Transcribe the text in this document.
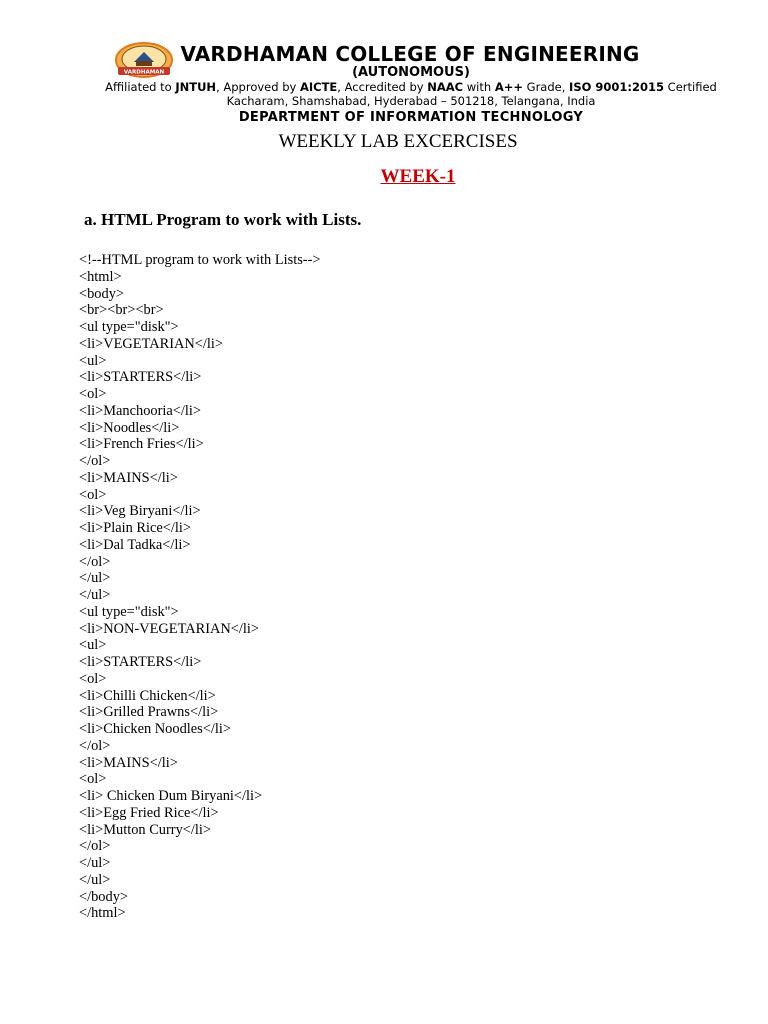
VARDHAMAN
VARDHAMAN COLLEGE OF ENGINEERING
(AUTONOMOUS)
Affiliated to JNTUH, Approved by AICTE, Accredited by NAAC with A++ Grade, ISO 9001:2015 Certified
Kacharam, Shamshabad, Hyderabad – 501218, Telangana, India
DEPARTMENT OF INFORMATION TECHNOLOGY
WEEKLY LAB EXCERCISES
WEEK-1
a. HTML Program to work with Lists.
<!--HTML program to work with Lists-->
<html>
<body>
<br><br><br>
<ul type="disk">
<li>VEGETARIAN</li>
<ul>
<li>STARTERS</li>
<ol>
<li>Manchooria</li>
<li>Noodles</li>
<li>French Fries</li>
</ol>
<li>MAINS</li>
<ol>
<li>Veg Biryani</li>
<li>Plain Rice</li>
<li>Dal Tadka</li>
</ol>
</ul>
</ul>
<ul type="disk">
<li>NON-VEGETARIAN</li>
<ul>
<li>STARTERS</li>
<ol>
<li>Chilli Chicken</li>
<li>Grilled Prawns</li>
<li>Chicken Noodles</li>
</ol>
<li>MAINS</li>
<ol>
<li> Chicken Dum Biryani</li>
<li>Egg Fried Rice</li>
<li>Mutton Curry</li>
</ol>
</ul>
</ul>
</body>
</html>
